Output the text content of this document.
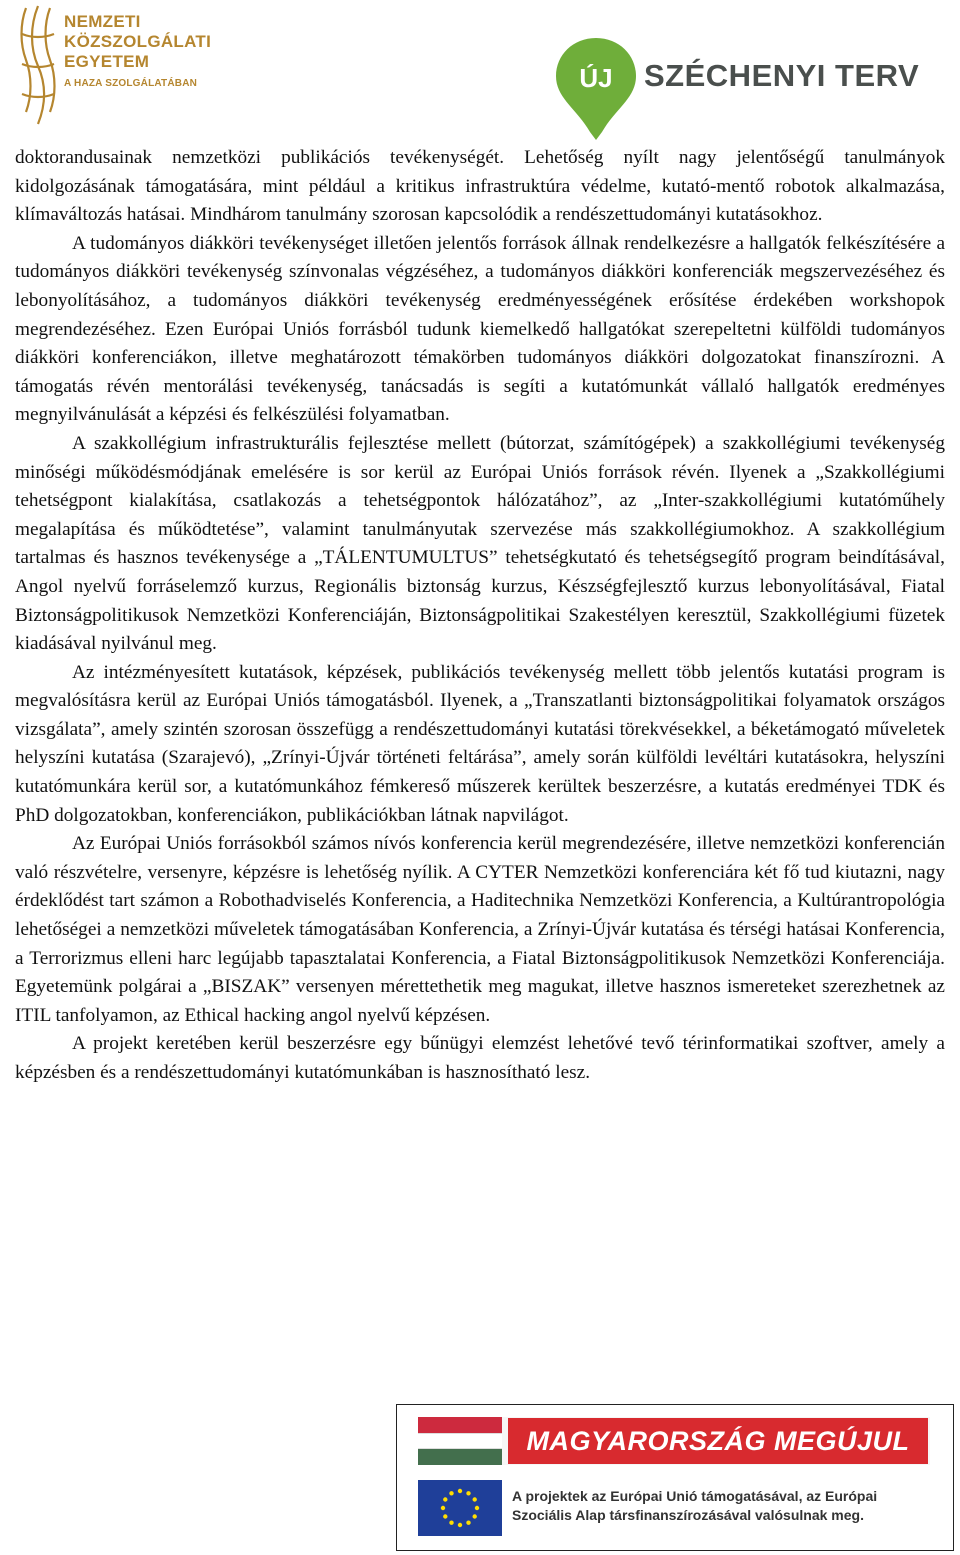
NEMZETI
KÖZSZOLGÁLATI
EGYETEM
A HAZA SZOLGÁLATÁBAN	ÚJ SZÉCHENYI TERV

doktorandusainak nemzetközi publikációs tevékenységét. Lehetőség nyílt nagy jelentőségű tanulmányok kidolgozásának támogatására, mint például a kritikus infrastruktúra védelme, kutató-mentő robotok alkalmazása, klímaváltozás hatásai. Mindhárom tanulmány szorosan kapcsolódik a rendészettudományi kutatásokhoz.

A tudományos diákköri tevékenységet illetően jelentős források állnak rendelkezésre a hallgatók felkészítésére a tudományos diákköri tevékenység színvonalas végzéséhez, a tudományos diákköri konferenciák megszervezéséhez és lebonyolításához, a tudományos diákköri tevékenység eredményességének erősítése érdekében workshopok megrendezéséhez. Ezen Európai Uniós forrásból tudunk kiemelkedő hallgatókat szerepeltetni külföldi tudományos diákköri konferenciákon, illetve meghatározott témakörben tudományos diákköri dolgozatokat finanszírozni. A támogatás révén mentorálási tevékenység, tanácsadás is segíti a kutatómunkát vállaló hallgatók eredményes megnyilvánulását a képzési és felkészülési folyamatban.

A szakkollégium infrastrukturális fejlesztése mellett (bútorzat, számítógépek) a szakkollégiumi tevékenység minőségi működésmódjának emelésére is sor kerül az Európai Uniós források révén. Ilyenek a „Szakkollégiumi tehetségpont kialakítása, csatlakozás a tehetségpontok hálózatához”, az „Inter-szakkollégiumi kutatóműhely megalapítása és működtetése”, valamint tanulmányutak szervezése más szakkollégiumokhoz. A szakkollégium tartalmas és hasznos tevékenysége a „TÁLENTUMULTUS” tehetségkutató és tehetségsegítő program beindításával, Angol nyelvű forráselemző kurzus, Regionális biztonság kurzus, Készségfejlesztő kurzus lebonyolításával, Fiatal Biztonságpolitikusok Nemzetközi Konferenciáján, Biztonságpolitikai Szakestélyen keresztül, Szakkollégiumi füzetek kiadásával nyilvánul meg.

Az intézményesített kutatások, képzések, publikációs tevékenység mellett több jelentős kutatási program is megvalósításra kerül az Európai Uniós támogatásból. Ilyenek, a „Transzatlanti biztonságpolitikai folyamatok országos vizsgálata”, amely szintén szorosan összefügg a rendészettudományi kutatási törekvésekkel, a béketámogató műveletek helyszíni kutatása (Szarajevó), „Zrínyi-Újvár történeti feltárása”, amely során külföldi levéltári kutatásokra, helyszíni kutatómunkára kerül sor, a kutatómunkához fémkereső műszerek kerültek beszerzésre, a kutatás eredményei TDK és PhD dolgozatokban, konferenciákon, publikációkban látnak napvilágot.

Az Európai Uniós forrásokból számos nívós konferencia kerül megrendezésére, illetve nemzetközi konferencián való részvételre, versenyre, képzésre is lehetőség nyílik. A CYTER Nemzetközi konferenciára két fő tud kiutazni, nagy érdeklődést tart számon a Robothadviselés Konferencia, a Haditechnika Nemzetközi Konferencia, a Kultúrantropológia lehetőségei a nemzetközi műveletek támogatásában Konferencia, a Zrínyi-Újvár kutatása és térségi hatásai Konferencia, a Terrorizmus elleni harc legújabb tapasztalatai Konferencia, a Fiatal Biztonságpolitikusok Nemzetközi Konferenciája. Egyetemünk polgárai a „BISZAK” versenyen mérettethetik meg magukat, illetve hasznos ismereteket szerezhetnek az ITIL tanfolyamon, az Ethical hacking angol nyelvű képzésen.

A projekt keretében kerül beszerzésre egy bűnügyi elemzést lehetővé tevő térinformatikai szoftver, amely a képzésben és a rendészettudományi kutatómunkában is hasznosítható lesz.

MAGYARORSZÁG MEGÚJUL
A projektek az Európai Unió támogatásával, az Európai
Szociális Alap társfinanszírozásával valósulnak meg.
